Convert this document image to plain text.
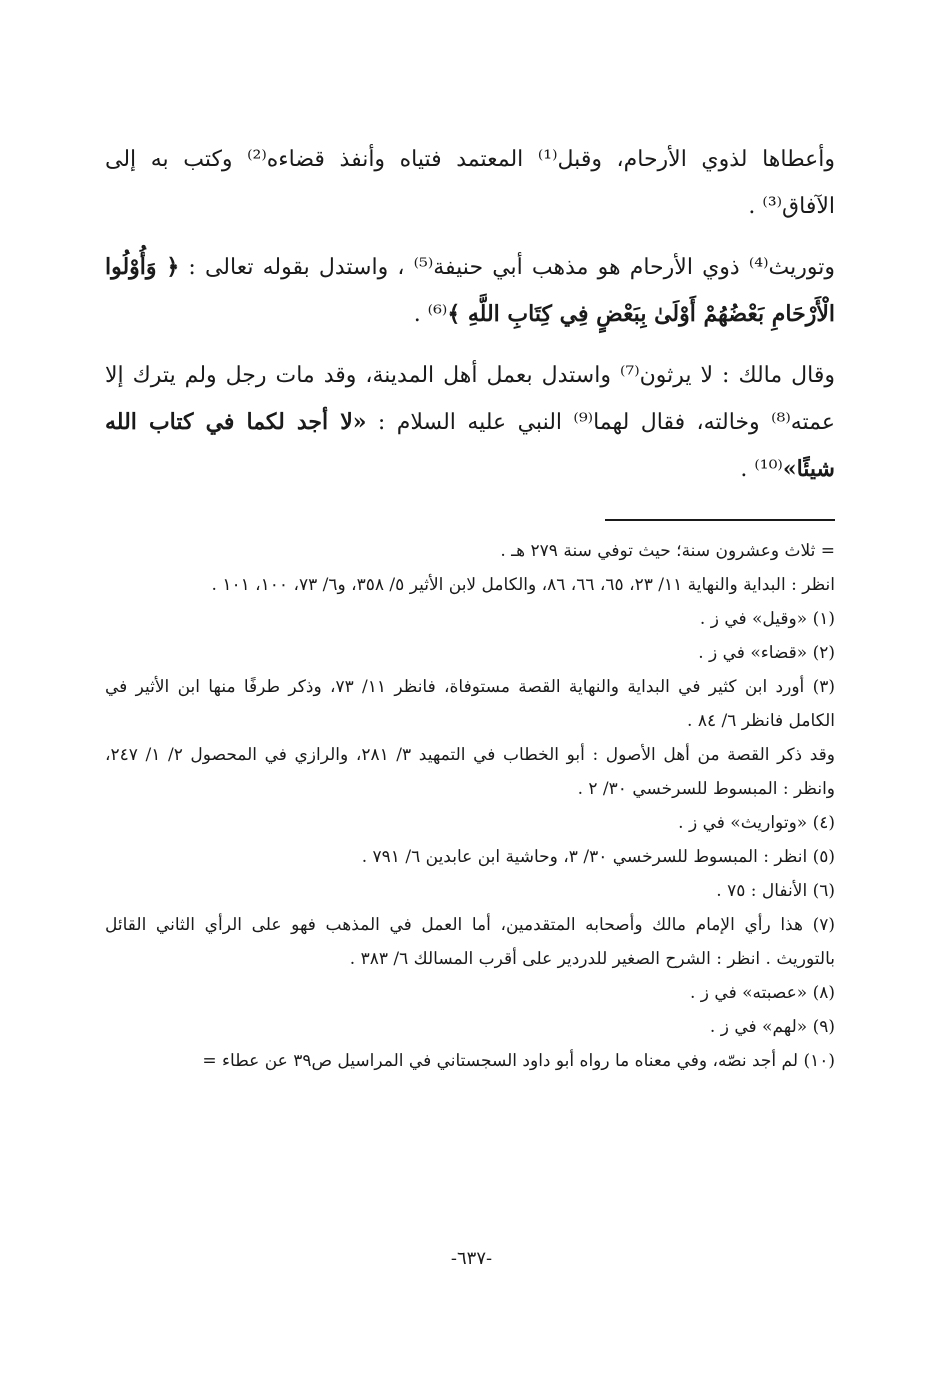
وأعطاها لذوي الأرحام، وقبل⁽¹⁾ المعتمد فتياه وأنفذ قضاءه⁽²⁾ وكتب به إلى الآفاق⁽³⁾ .

وتوريث⁽⁴⁾ ذوي الأرحام هو مذهب أبي حنيفة⁽⁵⁾ ، واستدل بقوله تعالى : ﴿ وَأُوْلُوا الْأَرْحَامِ بَعْضُهُمْ أَوْلَىٰ بِبَعْضٍ فِي كِتَابِ اللَّهِ ﴾⁽⁶⁾ .

وقال مالك : لا يرثون⁽⁷⁾ واستدل بعمل أهل المدينة، وقد مات رجل ولم يترك إلا عمته⁽⁸⁾ وخالته، فقال لهما⁽⁹⁾ النبي عليه السلام : «لا أجد لكما في كتاب الله شيئًا»⁽¹⁰⁾ .

= ثلاث وعشرون سنة؛ حيث توفي سنة ٢٧٩ هـ .

انظر : البداية والنهاية ١١/ ٢٣، ٦٥، ٦٦، ٨٦، والكامل لابن الأثير ٥/ ٣٥٨، و٦/ ٧٣، ١٠٠، ١٠١ .

(١) «وقيل» في ز .

(٢) «قضاء» في ز .

(٣) أورد ابن كثير في البداية والنهاية القصة مستوفاة، فانظر ١١/ ٧٣، وذكر طرفًا منها ابن الأثير في الكامل فانظر ٦/ ٨٤ .

وقد ذكر القصة من أهل الأصول : أبو الخطاب في التمهيد ٣/ ٢٨١، والرازي في المحصول ٢/ ١/ ٢٤٧، وانظر : المبسوط للسرخسي ٣٠/ ٢ .

(٤) «وتواريث» في ز .

(٥) انظر : المبسوط للسرخسي ٣٠/ ٣، وحاشية ابن عابدين ٦/ ٧٩١ .

(٦) الأنفال : ٧٥ .

(٧) هذا رأي الإمام مالك وأصحابه المتقدمين، أما العمل في المذهب فهو على الرأي الثاني القائل بالتوريث . انظر : الشرح الصغير للدردير على أقرب المسالك ٦/ ٣٨٣ .

(٨) «عصبته» في ز .

(٩) «لهم» في ز .

(١٠) لم أجد نصّه، وفي معناه ما رواه أبو داود السجستاني في المراسيل ص٣٩ عن عطاء =

-٦٣٧-
